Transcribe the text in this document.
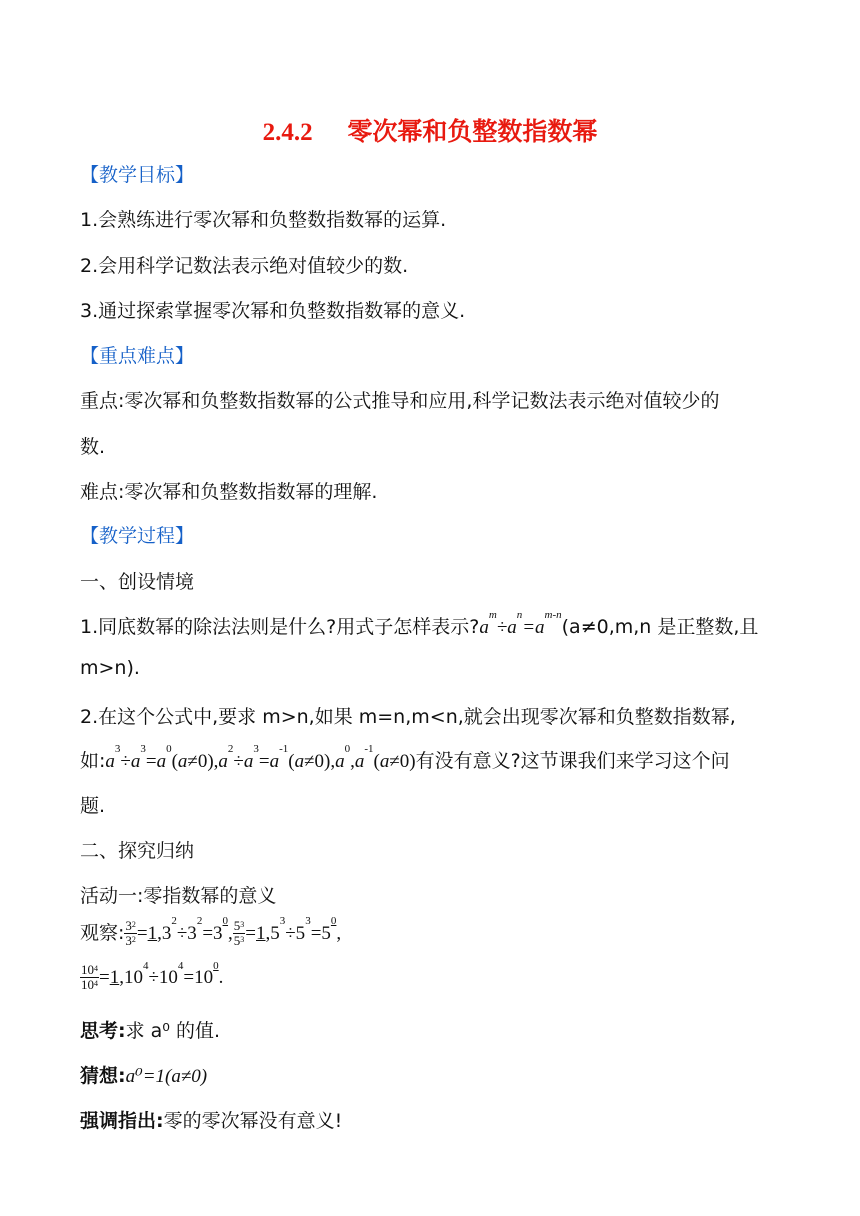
2.4.2 零次幂和负整数指数幂
【教学目标】
1.会熟练进行零次幂和负整数指数幂的运算.
2.会用科学记数法表示绝对值较少的数.
3.通过探索掌握零次幂和负整数指数幂的意义.
【重点难点】
重点:零次幂和负整数指数幂的公式推导和应用,科学记数法表示绝对值较少的
数.
难点:零次幂和负整数指数幂的理解.
【教学过程】
一、创设情境
1.同底数幂的除法法则是什么?用式子怎样表示$?a^m\div a^n=a^{m-n}(a\ne 0,m,n$ 是正整数,且
m>n).
2.在这个公式中,要求 m>n,如果 m=n,m<n,就会出现零次幂和负整数指数幂,
如$:a^3\div a^3=a^0(a\ne 0),a^2\div a^3=a^{-1}(a\ne 0),a^0,a^{-1}(a\ne 0)$有没有意义?这节课我们来学习这个问
题.
二、探究归纳
活动一:零指数幂的意义
观察: $\frac{3^2}{3^2} =1,3^2\div 3^2=3^0$, $\frac{5^3}{5^3} =1,5^3\div 5^3=5^0$,
$\frac{10^4}{10^4} =1,10^4\div 10^4=10^0$.
思考:求 a⁰ 的值.
猜想:a⁰=1(a≠0)
强调指出:零的零次幂没有意义!
